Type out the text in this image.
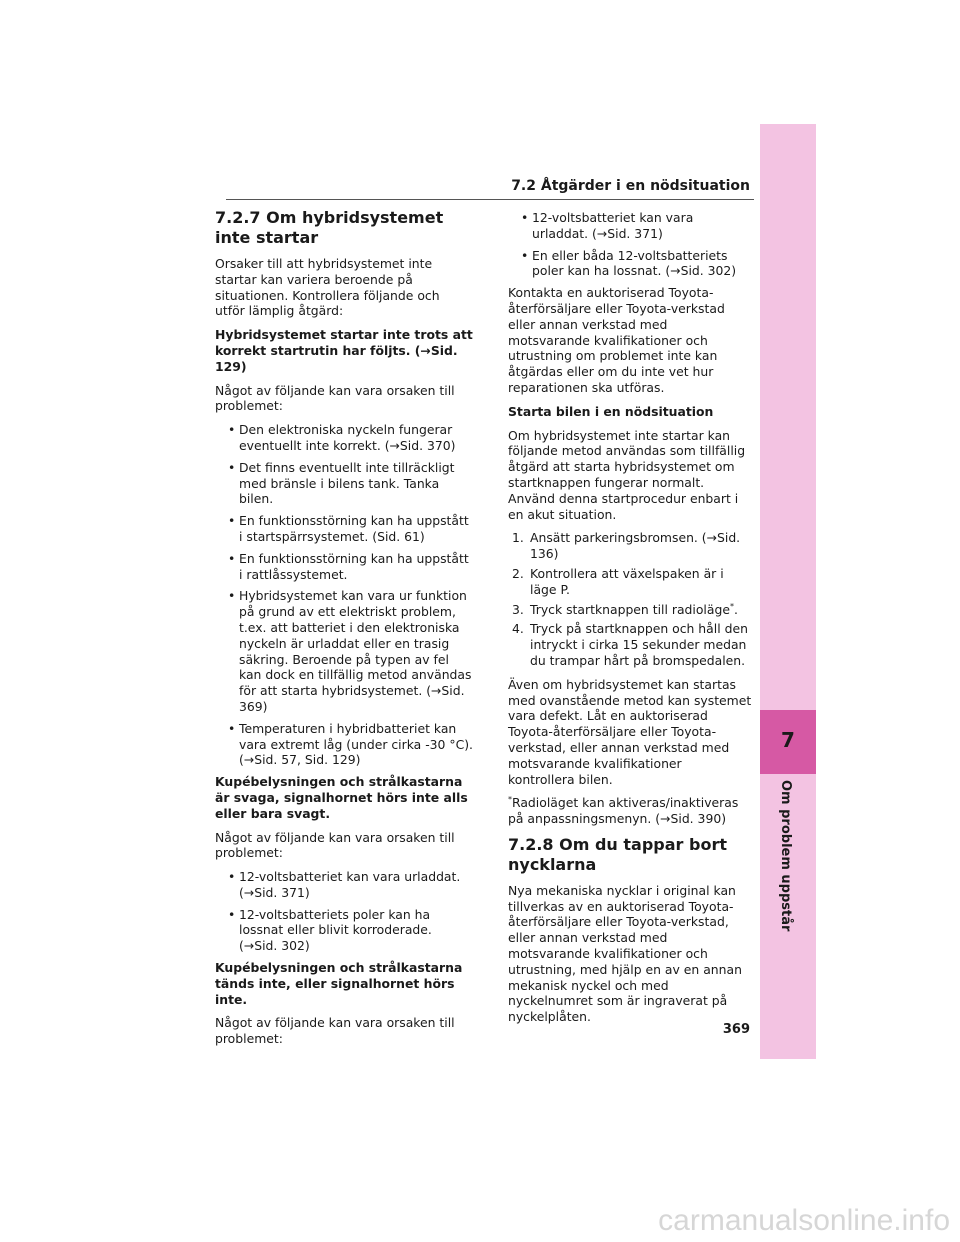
7.2 Åtgärder i en nödsituation
7
Om problem uppstår
7.2.7 Om hybridsystemet inte startar

Orsaker till att hybridsystemet inte startar kan variera beroende på situationen. Kontrollera följande och utför lämplig åtgärd:

Hybridsystemet startar inte trots att korrekt startrutin har följts. (→Sid. 129)

Något av följande kan vara orsaken till problemet:

• Den elektroniska nyckeln fungerar eventuellt inte korrekt. (→Sid. 370)
• Det finns eventuellt inte tillräckligt med bränsle i bilens tank. Tanka bilen.
• En funktionsstörning kan ha uppstått i startspärrsystemet. (Sid. 61)
• En funktionsstörning kan ha uppstått i rattlåssystemet.
• Hybridsystemet kan vara ur funktion på grund av ett elektriskt problem, t.ex. att batteriet i den elektroniska nyckeln är urladdat eller en trasig säkring. Beroende på typen av fel kan dock en tillfällig metod användas för att starta hybridsystemet. (→Sid. 369)
• Temperaturen i hybridbatteriet kan vara extremt låg (under cirka -30 °C). (→Sid. 57, Sid. 129)

Kupébelysningen och strålkastarna är svaga, signalhornet hörs inte alls eller bara svagt.

Något av följande kan vara orsaken till problemet:

• 12-voltsbatteriet kan vara urladdat. (→Sid. 371)
• 12-voltsbatteriets poler kan ha lossnat eller blivit korroderade. (→Sid. 302)

Kupébelysningen och strålkastarna tänds inte, eller signalhornet hörs inte.

Något av följande kan vara orsaken till problemet:

• 12-voltsbatteriet kan vara urladdat. (→Sid. 371)
• En eller båda 12-voltsbatteriets poler kan ha lossnat. (→Sid. 302)

Kontakta en auktoriserad Toyota-återförsäljare eller Toyota-verkstad eller annan verkstad med motsvarande kvalifikationer och utrustning om problemet inte kan åtgärdas eller om du inte vet hur reparationen ska utföras.

Starta bilen i en nödsituation

Om hybridsystemet inte startar kan följande metod användas som tillfällig åtgärd att starta hybridsystemet om startknappen fungerar normalt. Använd denna startprocedur enbart i en akut situation.

1. Ansätt parkeringsbromsen. (→Sid. 136)
2. Kontrollera att växelspaken är i läge P.
3. Tryck startknappen till radioläge*.
4. Tryck på startknappen och håll den intryckt i cirka 15 sekunder medan du trampar hårt på bromspedalen.

Även om hybridsystemet kan startas med ovanstående metod kan systemet vara defekt. Låt en auktoriserad Toyota-återförsäljare eller Toyota-verkstad, eller annan verkstad med motsvarande kvalifikationer kontrollera bilen.

*Radioläget kan aktiveras/inaktiveras på anpassningsmenyn. (→Sid. 390)

7.2.8 Om du tappar bort nycklarna

Nya mekaniska nycklar i original kan tillverkas av en auktoriserad Toyota-återförsäljare eller Toyota-verkstad, eller annan verkstad med motsvarande kvalifikationer och utrustning, med hjälp en av en annan mekanisk nyckel och med nyckelnumret som är ingraverat på nyckelplåten.

369
carmanualsonline.info
